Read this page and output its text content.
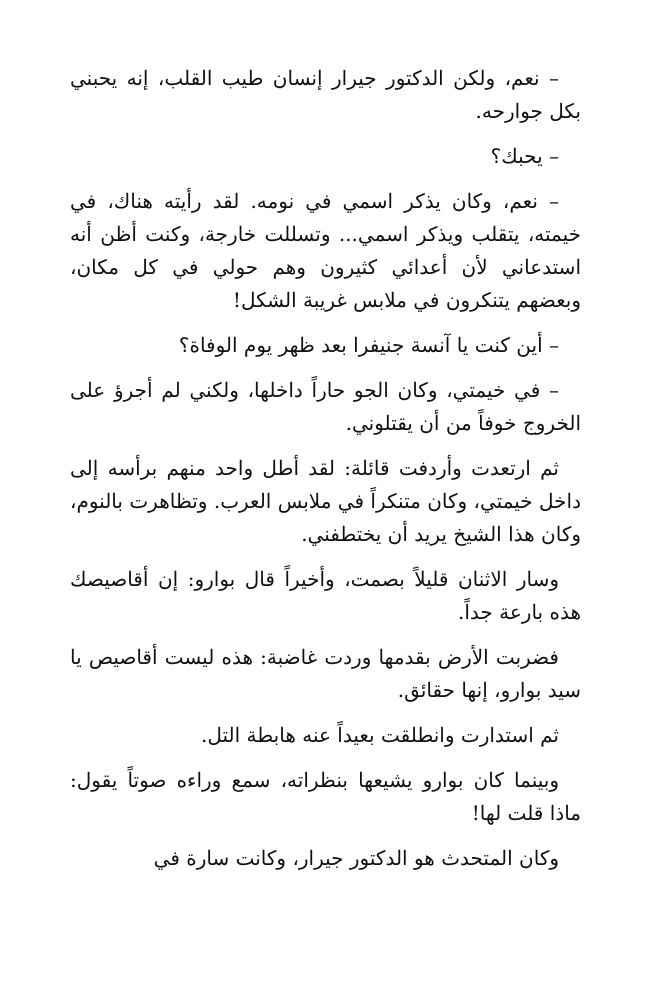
– نعم، ولكن الدكتور جيرار إنسان طيب القلب، إنه يحبني بكل جوارحه.

– يحبك؟

– نعم، وكان يذكر اسمي في نومه. لقد رأيته هناك، في خيمته، يتقلب ويذكر اسمي... وتسللت خارجة، وكنت أظن أنه استدعاني لأن أعدائي كثيرون وهم حولي في كل مكان، وبعضهم يتنكرون في ملابس غريبة الشكل!

– أين كنت يا آنسة جنيفرا بعد ظهر يوم الوفاة؟

– في خيمتي، وكان الجو حاراً داخلها، ولكني لم أجرؤ على الخروج خوفاً من أن يقتلوني.

ثم ارتعدت وأردفت قائلة: لقد أطل واحد منهم برأسه إلى داخل خيمتي، وكان متنكراً في ملابس العرب. وتظاهرت بالنوم، وكان هذا الشيخ يريد أن يختطفني.

وسار الاثنان قليلاً بصمت، وأخيراً قال بوارو: إن أقاصيصك هذه بارعة جداً.

فضربت الأرض بقدمها وردت غاضبة: هذه ليست أقاصيص يا سيد بوارو، إنها حقائق.

ثم استدارت وانطلقت بعيداً عنه هابطة التل.

وبينما كان بوارو يشيعها بنظراته، سمع وراءه صوتاً يقول: ماذا قلت لها!

وكان المتحدث هو الدكتور جيرار، وكانت سارة في
